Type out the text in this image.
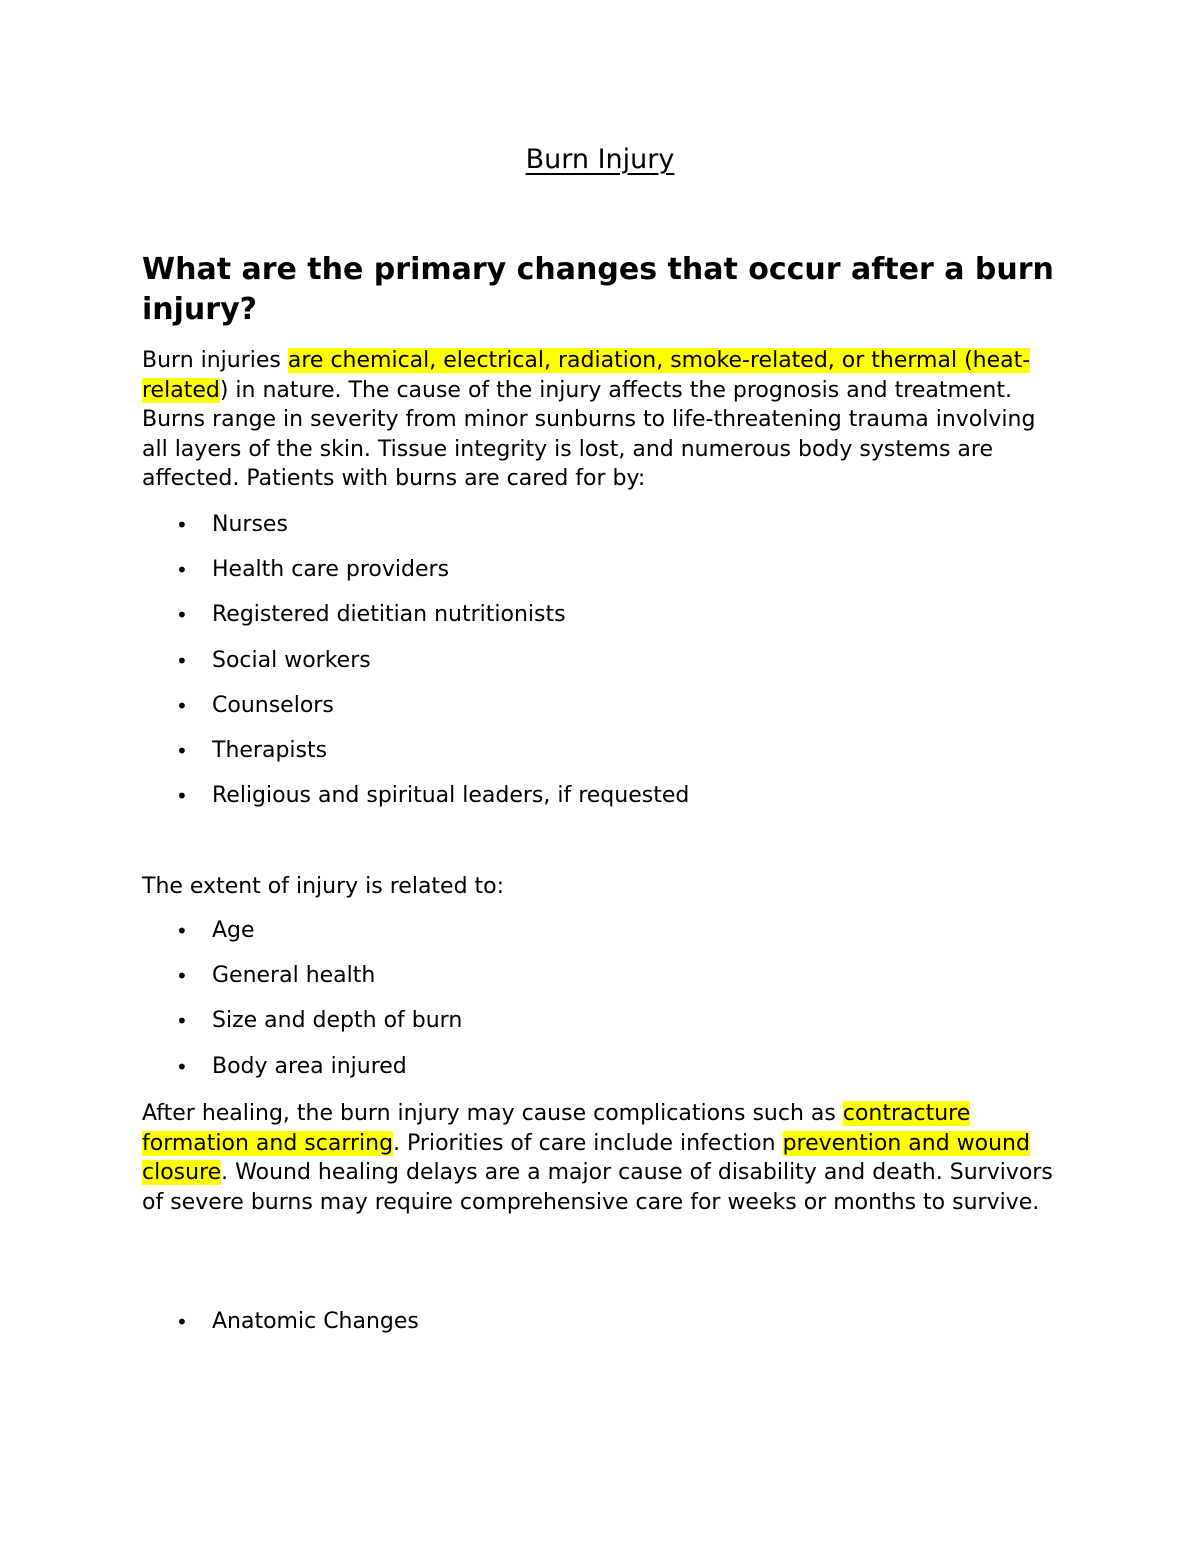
Burn Injury
What are the primary changes that occur after a burn injury?

Burn injuries are chemical, electrical, radiation, smoke-related, or thermal (heat-related) in nature. The cause of the injury affects the prognosis and treatment. Burns range in severity from minor sunburns to life-threatening trauma involving all layers of the skin. Tissue integrity is lost, and numerous body systems are affected. Patients with burns are cared for by:

• Nurses
• Health care providers
• Registered dietitian nutritionists
• Social workers
• Counselors
• Therapists
• Religious and spiritual leaders, if requested

The extent of injury is related to:

• Age
• General health
• Size and depth of burn
• Body area injured

After healing, the burn injury may cause complications such as contracture formation and scarring. Priorities of care include infection prevention and wound closure. Wound healing delays are a major cause of disability and death. Survivors of severe burns may require comprehensive care for weeks or months to survive.

• Anatomic Changes
